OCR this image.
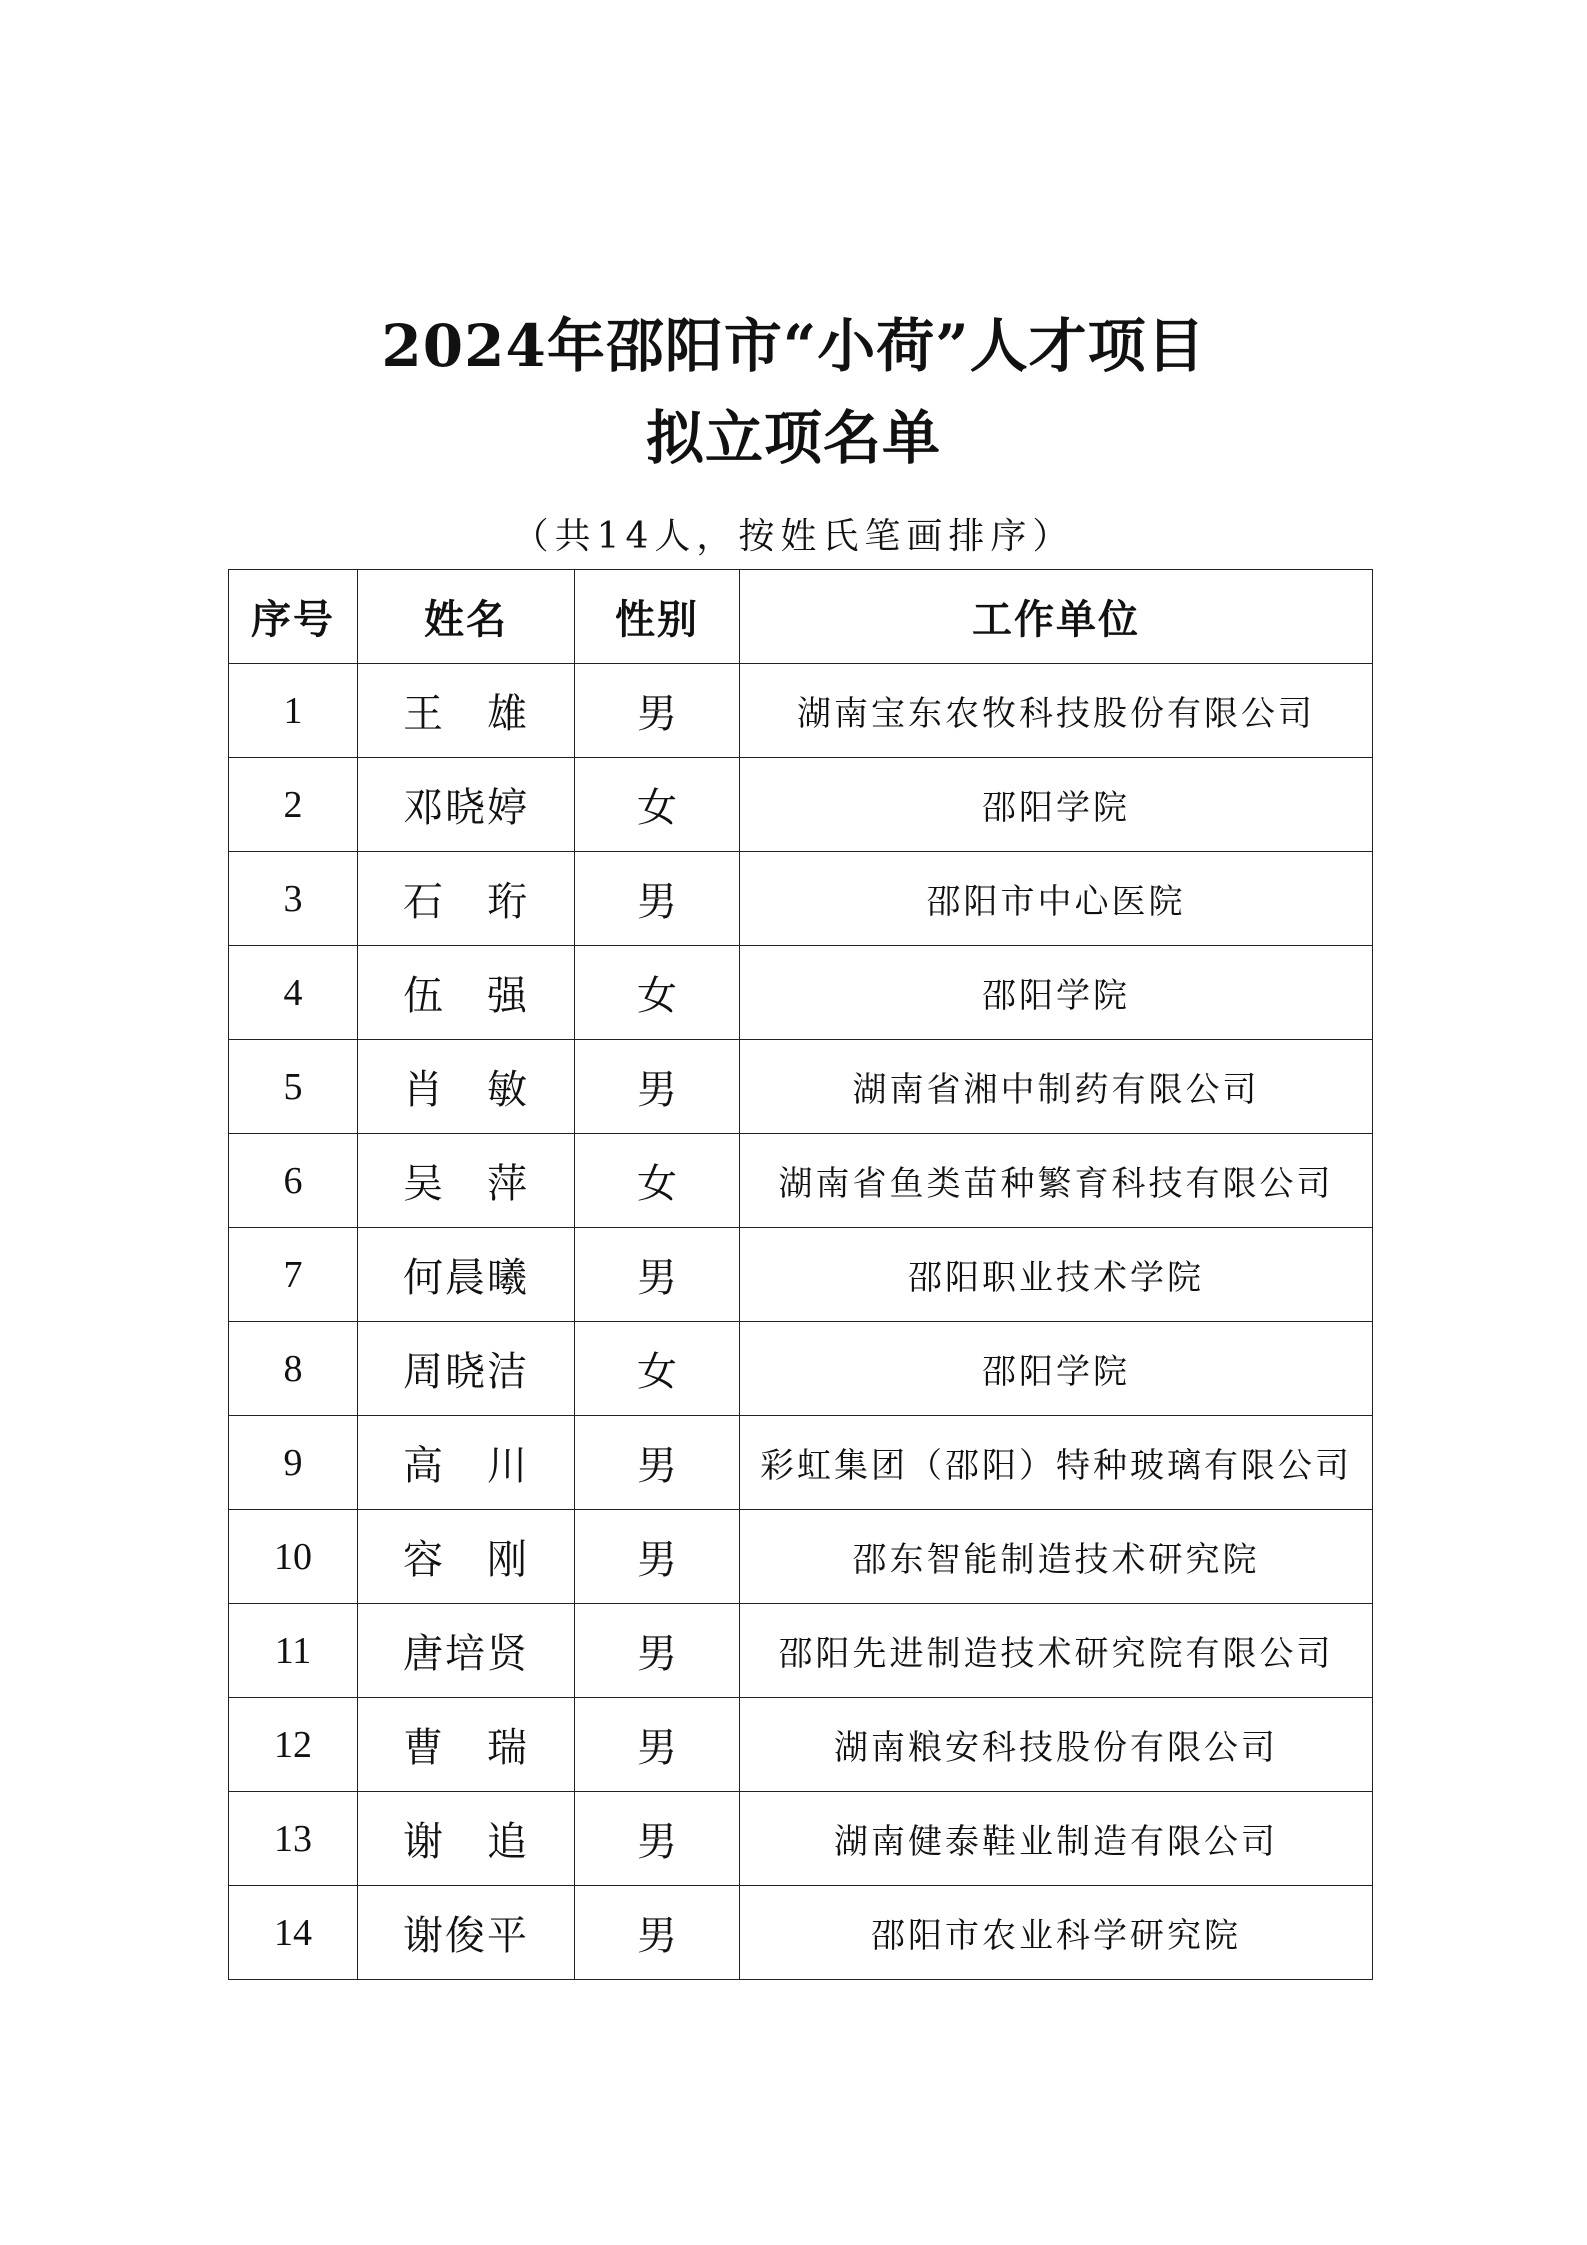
2024年邵阳市“小荷”人才项目
拟立项名单
（共14人，按姓氏笔画排序）
序号	姓名	性别	工作单位
1	王　雄	男	湖南宝东农牧科技股份有限公司
2	邓晓婷	女	邵阳学院
3	石　珩	男	邵阳市中心医院
4	伍　强	女	邵阳学院
5	肖　敏	男	湖南省湘中制药有限公司
6	吴　萍	女	湖南省鱼类苗种繁育科技有限公司
7	何晨曦	男	邵阳职业技术学院
8	周晓洁	女	邵阳学院
9	高　川	男	彩虹集团（邵阳）特种玻璃有限公司
10	容　刚	男	邵东智能制造技术研究院
11	唐培贤	男	邵阳先进制造技术研究院有限公司
12	曹　瑞	男	湖南粮安科技股份有限公司
13	谢　追	男	湖南健泰鞋业制造有限公司
14	谢俊平	男	邵阳市农业科学研究院
